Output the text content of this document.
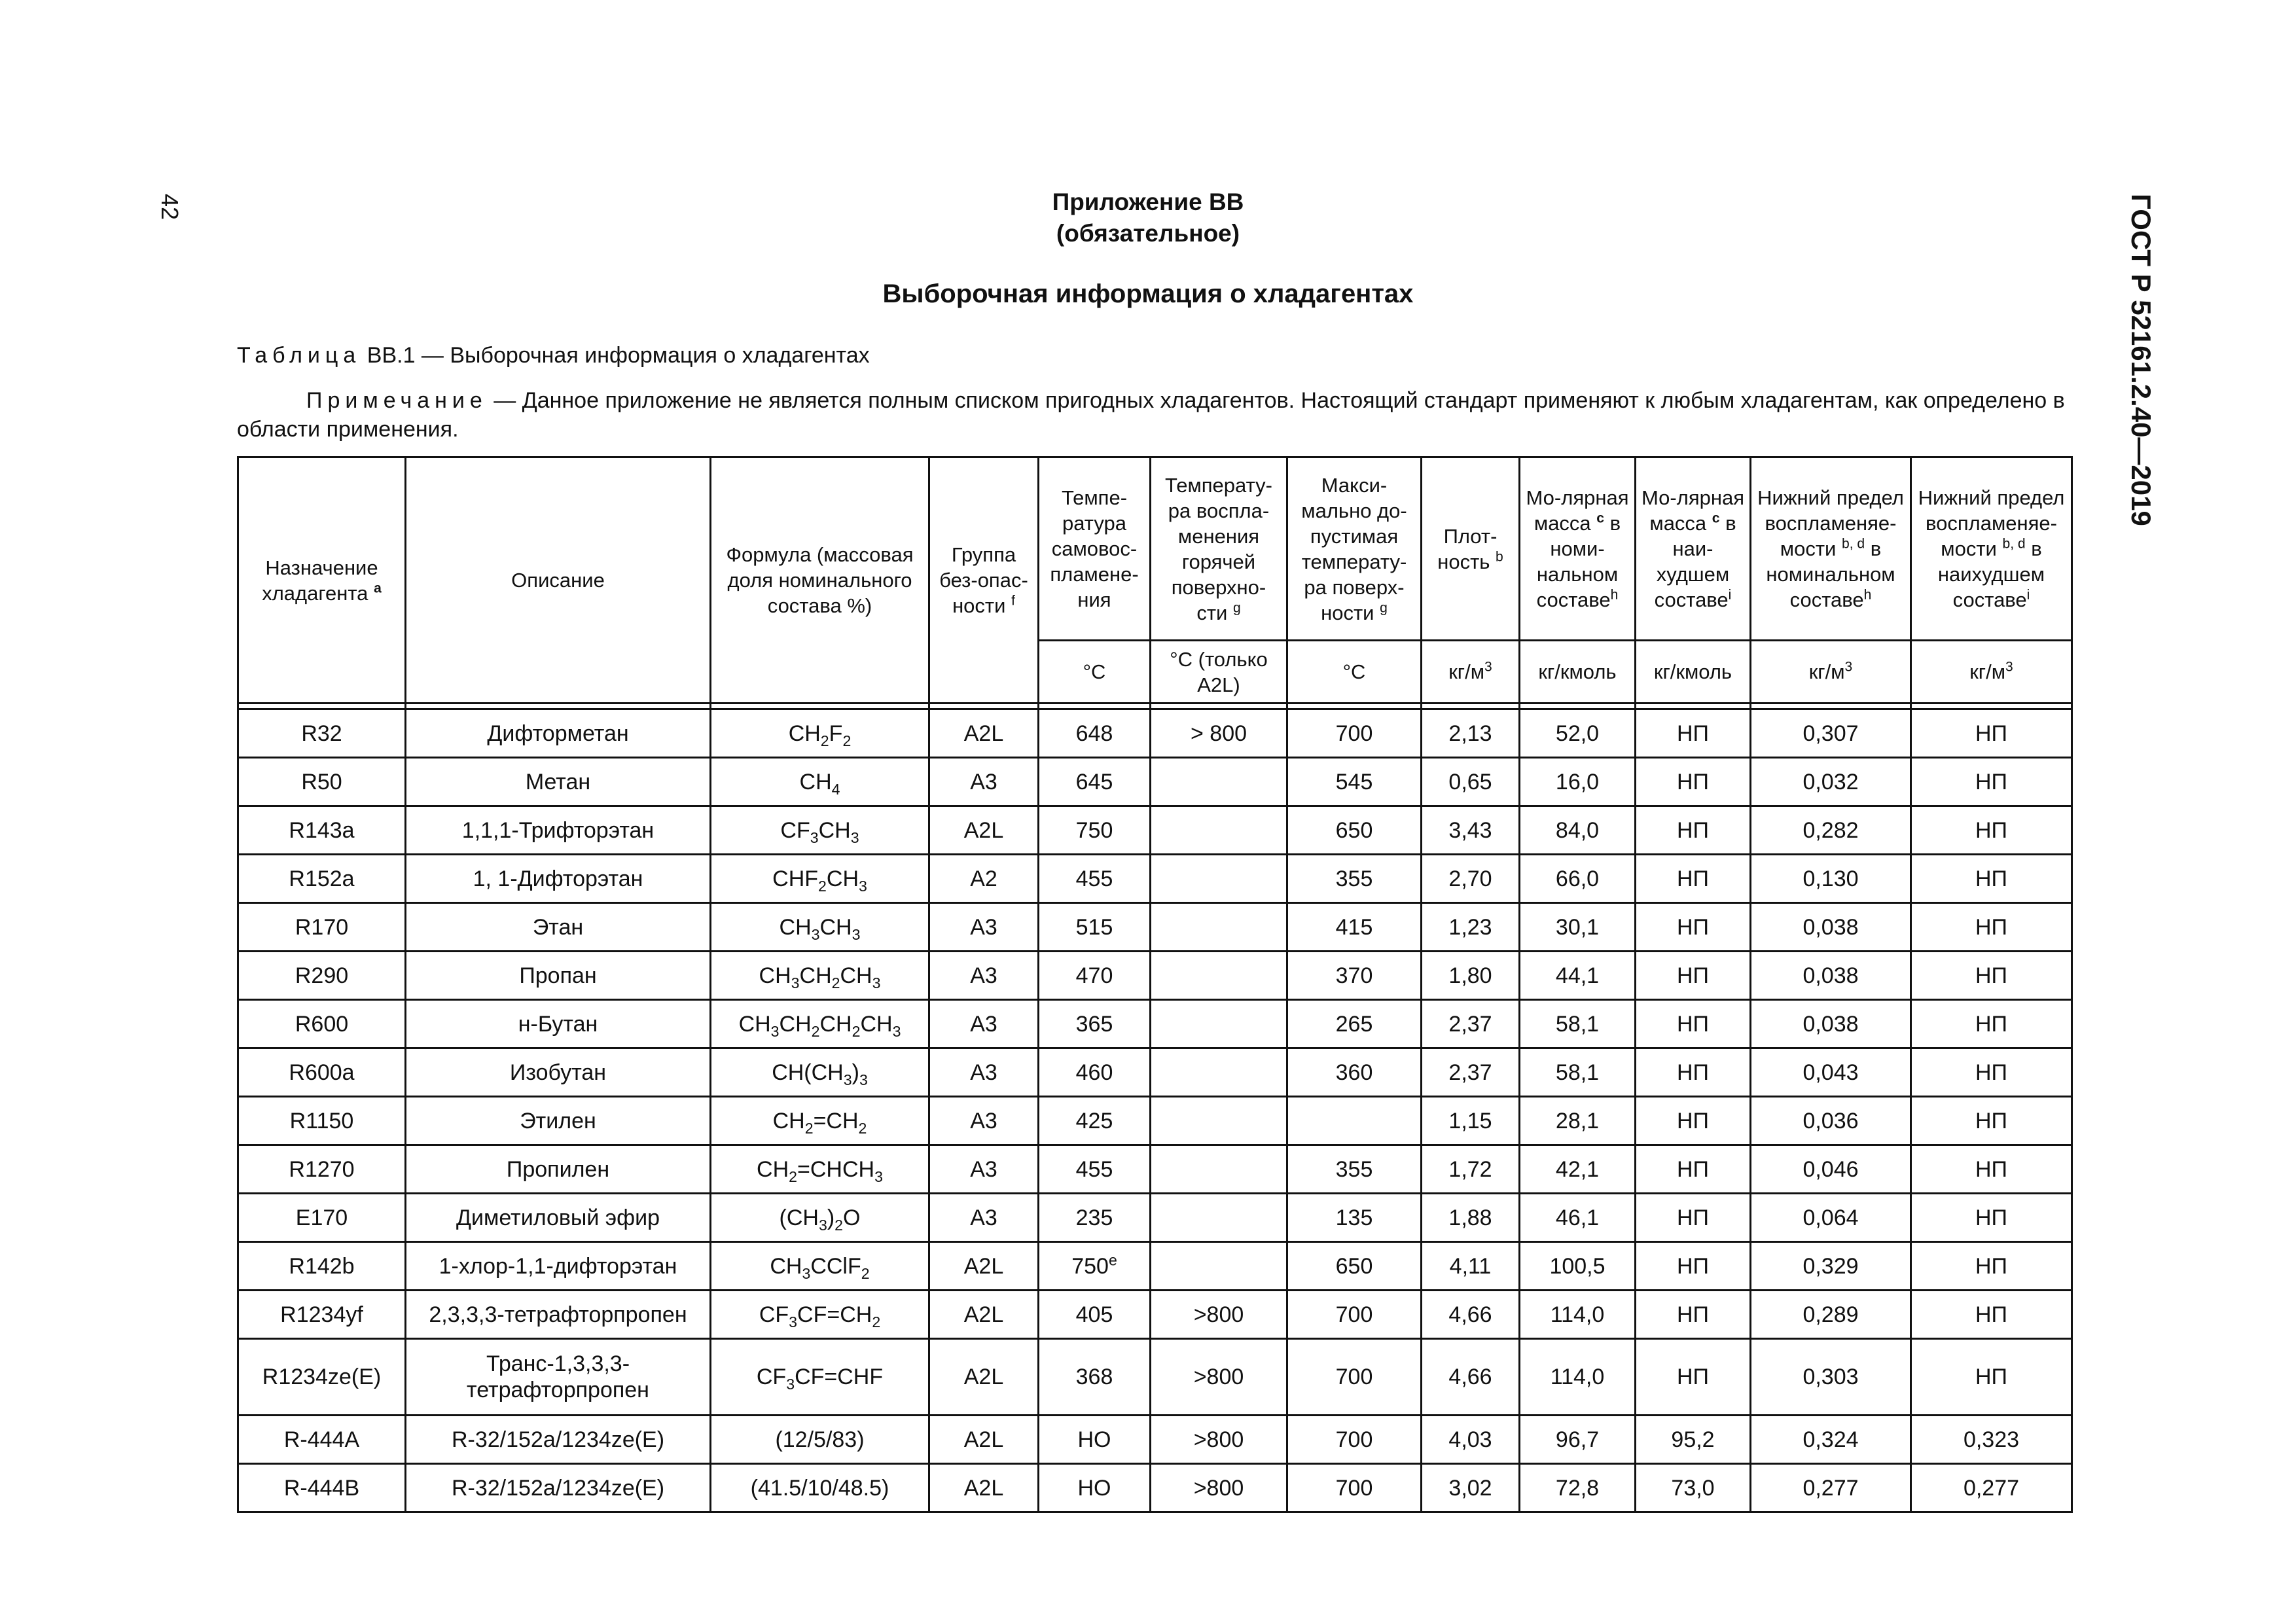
42	ГОСТ Р 52161.2.40—2019
Приложение ВВ
(обязательное)
Выборочная информация о хладагентах
Таблица ВВ.1 — Выборочная информация о хладагентах
Примечание — Данное приложение не является полным списком пригодных хладагентов. Настоящий стандарт применяют к любым хладагентам, как определено в области применения.
Назначение хладагента $^a$	Описание	Формула (массовая доля номинального состава %)	Группа без-опас-ности $^f$	Темпе-ратура самовос-пламене-ния	Температу-ра воспла-менения горячей поверхно-сти $^g$	Макси-мально до-пустимая температу-ра поверх-ности $^g$	Плот-ность $^b$	Мо-лярная масса $^c$ в номи-нальном составе$^h$	Мо-лярная масса $^c$ в наи-худшем составе$^i$	Нижний предел воспламеняе-мости $^{b, d}$ в номинальном составе$^h$	Нижний предел воспламеняе-мости $^{b, d}$ в наихудшем составе$^i$
				°C	°C (только A2L)	°C	$кг/м^3$	кг/кмоль	кг/кмоль	$кг/м^3$	$кг/м^3$

R32	Дифторметан	$CH_2F_2$	A2L	648	> 800	700	2,13	52,0	НП	0,307	НП
R50	Метан	$CH_4$	A3	645		545	0,65	16,0	НП	0,032	НП
R143a	1,1,1-Трифторэтан	$CF_3CH_3$	A2L	750		650	3,43	84,0	НП	0,282	НП
R152a	1, 1-Дифторэтан	$CHF_2CH_3$	A2	455		355	2,70	66,0	НП	0,130	НП
R170	Этан	$CH_3CH_3$	A3	515		415	1,23	30,1	НП	0,038	НП
R290	Пропан	$CH_3CH_2CH_3$	A3	470		370	1,80	44,1	НП	0,038	НП
R600	н-Бутан	$CH_3CH_2CH_2CH_3$	A3	365		265	2,37	58,1	НП	0,038	НП
R600a	Изобутан	$CH(CH_3)_3$	A3	460		360	2,37	58,1	НП	0,043	НП
R1150	Этилен	$CH_2=CH_2$	A3	425			1,15	28,1	НП	0,036	НП
R1270	Пропилен	$CH_2=CHCH_3$	A3	455		355	1,72	42,1	НП	0,046	НП
E170	Диметиловый эфир	$(CH_3)_2O$	A3	235		135	1,88	46,1	НП	0,064	НП
R142b	1-хлор-1,1-дифторэтан	$CH_3CClF_2$	A2L	750e		650	4,11	100,5	НП	0,329	НП
R1234yf	2,3,3,3-тетрафторпропен	$CF_3CF=CH_2$	A2L	405	>800	700	4,66	114,0	НП	0,289	НП
R1234ze(E)	Транс-1,3,3,3-тетрафторпропен	$CF_3CF=CHF$	A2L	368	>800	700	4,66	114,0	НП	0,303	НП
R-444A	R-32/152a/1234ze(E)	(12/5/83)	A2L	НО	>800	700	4,03	96,7	95,2	0,324	0,323
R-444B	R-32/152a/1234ze(E)	(41.5/10/48.5)	A2L	НО	>800	700	3,02	72,8	73,0	0,277	0,277
